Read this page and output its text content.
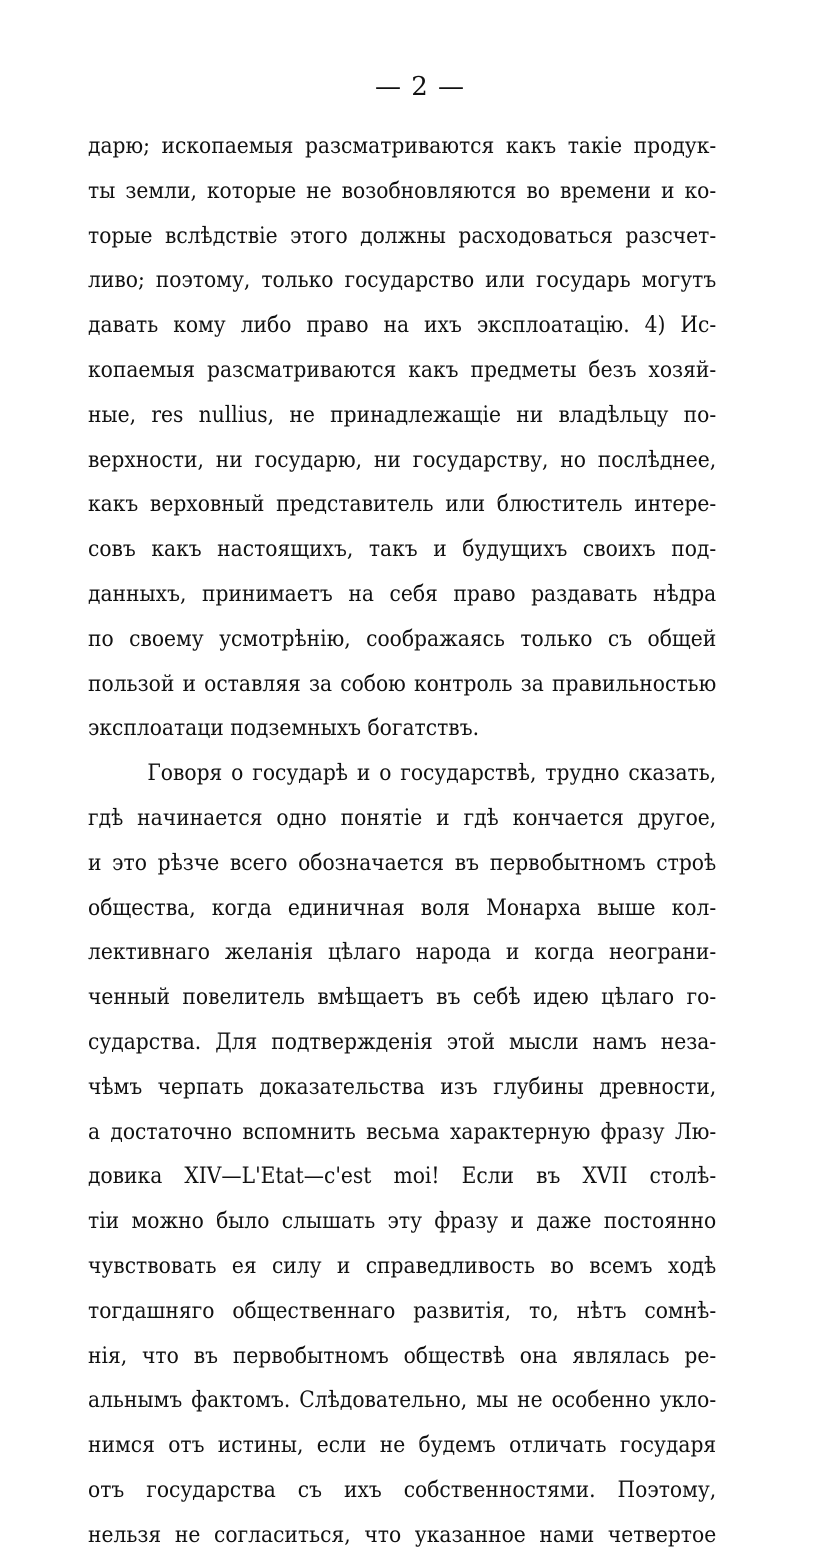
— 2 —
дарю; ископаемыя разсматриваются какъ такiе продук-
ты земли, которые не возобновляются во времени и ко-
торые вслѣдствiе этого должны расходоваться разсчет-
ливо; поэтому, только государство или государь могутъ
давать кому либо право на ихъ эксплоатацiю. 4) Ис-
копаемыя разсматриваются какъ предметы безъ хозяй-
ные, res nullius, не принадлежащiе ни владѣльцу по-
верхности, ни государю, ни государству, но послѣднее,
какъ верховный представитель или блюститель интере-
совъ какъ настоящихъ, такъ и будущихъ своихъ под-
данныхъ, принимаетъ на себя право раздавать нѣдра
по своему усмотрѣнiю, соображаясь только съ общей
пользой и оставляя за собою контроль за правильностью
эксплоатаци подземныхъ богатствъ.
Говоря о государѣ и о государствѣ, трудно сказать,
гдѣ начинается одно понятiе и гдѣ кончается другое,
и это рѣзче всего обозначается въ первобытномъ строѣ
общества, когда единичная воля Монарха выше кол-
лективнаго желанiя цѣлаго народа и когда неограни-
ченный повелитель вмѣщаетъ въ себѣ идею цѣлаго го-
сударства. Для подтвержденiя этой мысли намъ неза-
чѣмъ черпать доказательства изъ глубины древности,
а достаточно вспомнить весьма характерную фразу Лю-
довика XIV—L'Etat—c'est moi! Если въ XVII столѣ-
тiи можно было слышать эту фразу и даже постоянно
чувствовать ея силу и справедливость во всемъ ходѣ
тогдашняго общественнаго развитiя, то, нѣтъ сомнѣ-
нiя, что въ первобытномъ обществѣ она являлась ре-
альнымъ фактомъ. Слѣдовательно, мы не особенно укло-
нимся отъ истины, если не будемъ отличать государя
отъ государства съ ихъ собственностями. Поэтому,
нельзя не согласиться, что указанное нами четвертое
